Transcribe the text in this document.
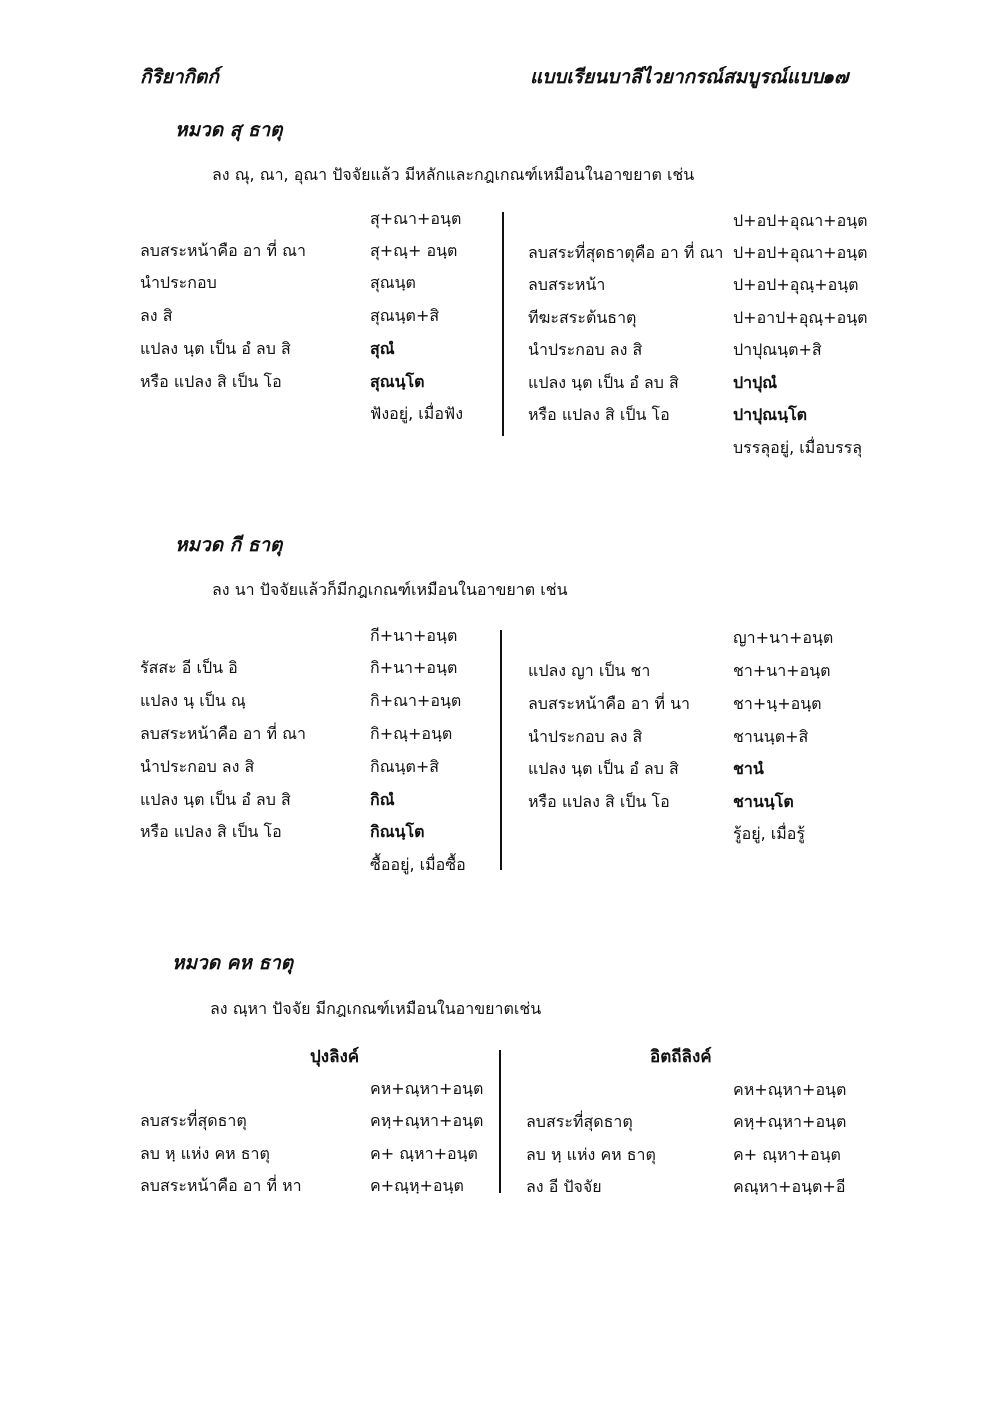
กิริยากิตก์	แบบเรียนบาลีไวยากรณ์สมบูรณ์แบบ
๑๗
หมวด สุ ธาตุ
ลง ณุ, ณา, อุณา ปัจจัยแล้ว มีหลักและกฎเกณฑ์เหมือนในอาขยาต เช่น
ลบสระหน้าคือ อา ที่ ณา
นำประกอบ
ลง สิ
แปลง นฺต เป็น อํ ลบ สิ
หรือ แปลง สิ เป็น โอ
สุ+ณา+อนฺต
สุ+ณฺ+ อนฺต
สุณนฺต
สุณนฺต+สิ
สุณํ
สุณนฺโต
ฟังอยู่, เมื่อฟัง
ลบสระที่สุดธาตุคือ อา ที่ ณา
ลบสระหน้า
ทีฆะสระต้นธาตุ
นำประกอบ ลง สิ
แปลง นฺต เป็น อํ ลบ สิ
หรือ แปลง สิ เป็น โอ
ป+อป+อุณา+อนฺต
ป+อป+อุณา+อนฺต
ป+อป+อุณฺ+อนฺต
ป+อาป+อุณฺ+อนฺต
ปาปุณนฺต+สิ
ปาปุณํ
ปาปุณนฺโต
บรรลุอยู่, เมื่อบรรลุ
หมวด กี ธาตุ
ลง นา ปัจจัยแล้วก็มีกฎเกณฑ์เหมือนในอาขยาต เช่น
รัสสะ อี เป็น อิ
แปลง นฺ เป็น ณฺ
ลบสระหน้าคือ อา ที่ ณา
นำประกอบ ลง สิ
แปลง นฺต เป็น อํ ลบ สิ
หรือ แปลง สิ เป็น โอ
กี+นา+อนฺต
กิ+นา+อนฺต
กิ+ณา+อนฺต
กิ+ณฺ+อนฺต
กิณนฺต+สิ
กิณํ
กิณนฺโต
ซื้ออยู่, เมื่อซื้อ
แปลง ญา เป็น ชา
ลบสระหน้าคือ อา ที่ นา
นำประกอบ ลง สิ
แปลง นฺต เป็น อํ ลบ สิ
หรือ แปลง สิ เป็น โอ
ญา+นา+อนฺต
ชา+นา+อนฺต
ชา+นฺ+อนฺต
ชานนฺต+สิ
ชานํ
ชานนฺโต
รู้อยู่, เมื่อรู้
หมวด คห ธาตุ
ลง ณฺหา ปัจจัย มีกฎเกณฑ์เหมือนในอาขยาตเช่น
ปุงลิงค์	อิตถีลิงค์
ลบสระที่สุดธาตุ
ลบ หฺ แห่ง คห ธาตุ
ลบสระหน้าคือ อา ที่ หา
คห+ณฺหา+อนฺต
คหฺ+ณฺหา+อนฺต
ค+ ณฺหา+อนฺต
ค+ณฺหฺ+อนฺต
ลบสระที่สุดธาตุ
ลบ หฺ แห่ง คห ธาตุ
ลง อี ปัจจัย
คห+ณฺหา+อนฺต
คหฺ+ณฺหา+อนฺต
ค+ ณฺหา+อนฺต
คณฺหา+อนฺต+อี
